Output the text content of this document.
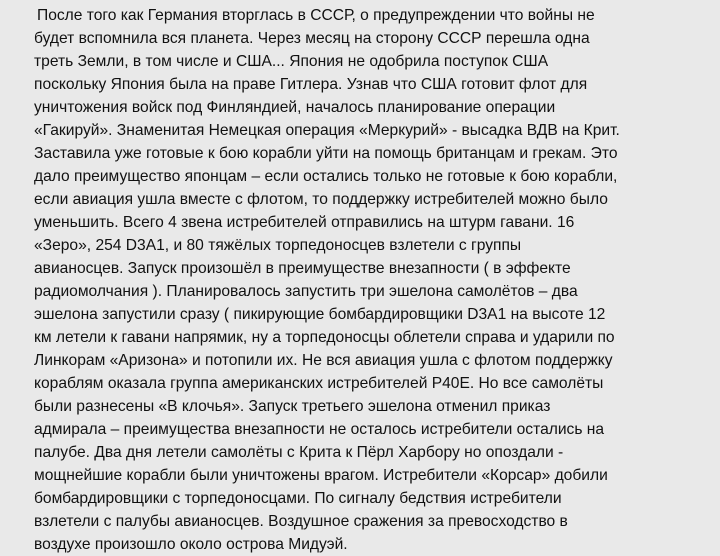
После того как Германия вторглась в СССР, о предупреждении что войны не
будет вспомнила вся планета. Через месяц на сторону СССР перешла одна
треть Земли, в том числе и США... Япония не одобрила поступок США
поскольку Япония была на праве Гитлера. Узнав что США готовит флот для
уничтожения войск под Финляндией, началось планирование операции
«Гакируй». Знаменитая Немецкая операция «Меркурий» - высадка ВДВ на Крит.
Заставила уже готовые к бою корабли уйти на помощь британцам и грекам. Это
дало преимущество японцам – если остались только не готовые к бою корабли,
если авиация ушла вместе с флотом, то поддержку истребителей можно было
уменьшить. Всего 4 звена истребителей отправились на штурм гавани. 16
«Зеро», 254 D3A1, и 80 тяжёлых торпедоносцев взлетели с группы
авианосцев. Запуск произошёл в преимуществе внезапности ( в эффекте
радиомолчания ). Планировалось запустить три эшелона самолётов – два
эшелона запустили сразу ( пикирующие бомбардировщики D3A1 на высоте 12
км летели к гавани напрямик, ну а торпедоносцы облетели справа и ударили по
Линкорам «Аризона» и потопили их. Не вся авиация ушла с флотом поддержку
кораблям оказала группа американских истребителей Р40Е. Но все самолёты
были разнесены «В клочья». Запуск третьего эшелона отменил приказ
адмирала – преимущества внезапности не осталось истребители остались на
палубе. Два дня летели самолёты с Крита к Пёрл Харбору но опоздали -
мощнейшие корабли были уничтожены врагом. Истребители «Корсар» добили
бомбардировщики с торпедоносцами. По сигналу бедствия истребители
взлетели с палубы авианосцев. Воздушное сражения за превосходство в
воздухе произошло около острова Мидуэй.
